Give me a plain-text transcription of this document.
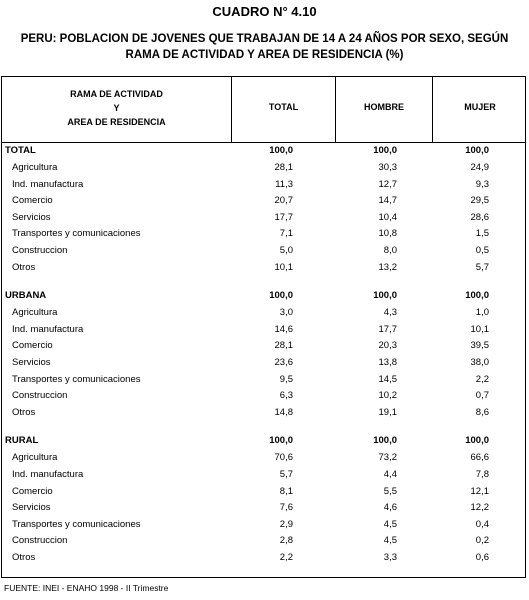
CUADRO N° 4.10
PERU: POBLACION DE JOVENES QUE TRABAJAN DE 14 A 24 AÑOS POR SEXO, SEGÚN
RAMA DE ACTIVIDAD Y AREA DE RESIDENCIA (%)
RAMA DE ACTIVIDAD
Y
AREA DE RESIDENCIA
TOTAL	HOMBRE	MUJER
TOTAL	100,0	100,0	100,0
Agricultura	28,1	30,3	24,9
Ind. manufactura	11,3	12,7	9,3
Comercio	20,7	14,7	29,5
Servicios	17,7	10,4	28,6
Transportes y comunicaciones	7,1	10,8	1,5
Construccion	5,0	8,0	0,5
Otros	10,1	13,2	5,7
URBANA	100,0	100,0	100,0
Agricultura	3,0	4,3	1,0
Ind. manufactura	14,6	17,7	10,1
Comercio	28,1	20,3	39,5
Servicios	23,6	13,8	38,0
Transportes y comunicaciones	9,5	14,5	2,2
Construccion	6,3	10,2	0,7
Otros	14,8	19,1	8,6
RURAL	100,0	100,0	100,0
Agricultura	70,6	73,2	66,6
Ind. manufactura	5,7	4,4	7,8
Comercio	8,1	5,5	12,1
Servicios	7,6	4,6	12,2
Transportes y comunicaciones	2,9	4,5	0,4
Construccion	2,8	4,5	0,2
Otros	2,2	3,3	0,6
FUENTE: INEI - ENAHO 1998 - II Trimestre
